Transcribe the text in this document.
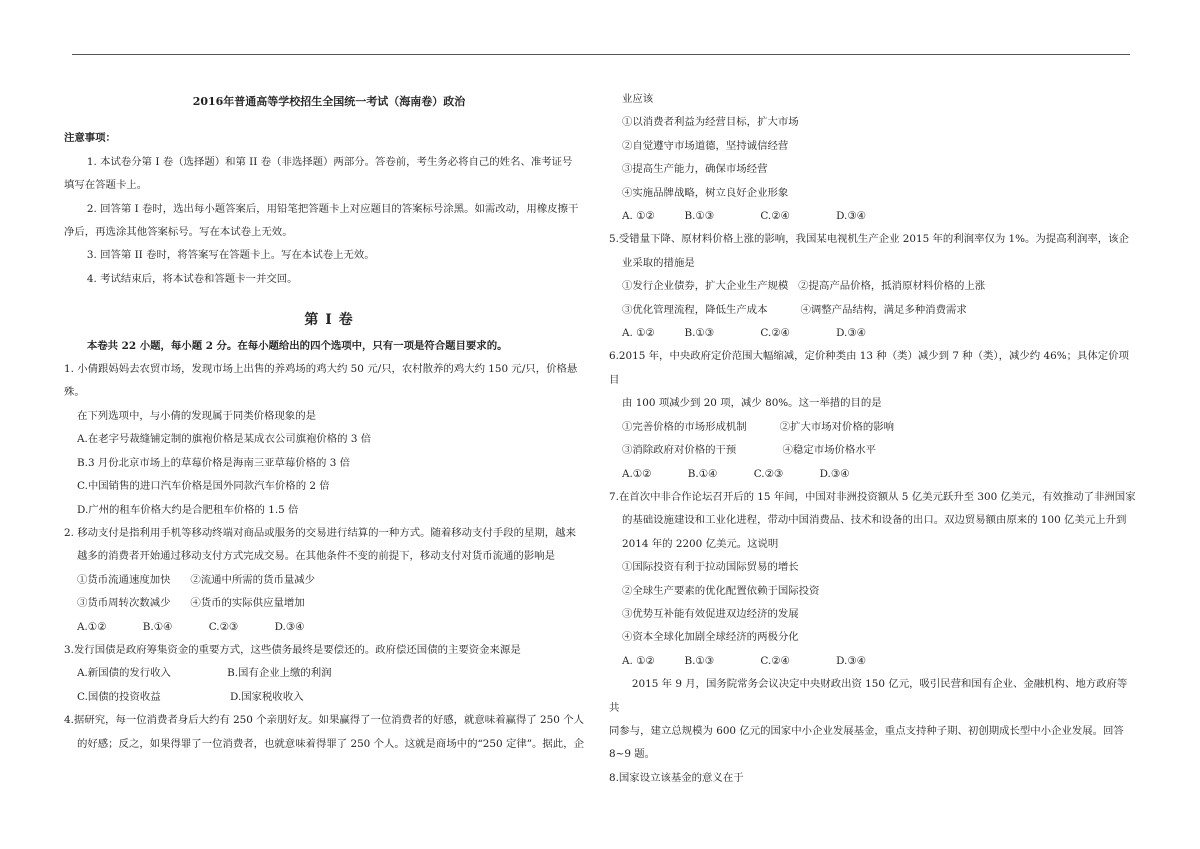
2016年普通高等学校招生全国统一考试（海南卷）政治
注意事项：
1. 本试卷分第 I 卷（选择题）和第 II 卷（非选择题）两部分。答卷前，考生务必将自己的姓名、准考证号
填写在答题卡上。
2. 回答第 I 卷时，选出每小题答案后，用铅笔把答题卡上对应题目的答案标号涂黑。如需改动，用橡皮擦干
净后，再选涂其他答案标号。写在本试卷上无效。
3. 回答第 II 卷时，将答案写在答题卡上。写在本试卷上无效。
4. 考试结束后，将本试卷和答题卡一并交回。
第 I 卷
本卷共 22 小题，每小题 2 分。在每小题给出的四个选项中，只有一项是符合题目要求的。
1. 小倩跟妈妈去农贸市场，发现市场上出售的养鸡场的鸡大约 50 元/只，农村散养的鸡大约 150 元/只，价格悬殊。
在下列选项中，与小倩的发现属于同类价格现象的是
A.在老字号裁缝铺定制的旗袍价格是某成衣公司旗袍价格的 3 倍
B.3 月份北京市场上的草莓价格是海南三亚草莓价格的 3 倍
C.中国销售的进口汽车价格是国外同款汽车价格的 2 倍
D.广州的租车价格大约是合肥租车价格的 1.5 倍
2. 移动支付是指利用手机等移动终端对商品或服务的交易进行结算的一种方式。随着移动支付手段的星期，越来
越多的消费者开始通过移动支付方式完成交易。在其他条件不变的前提下，移动支付对货币流通的影响是
①货币流通速度加快 ②流通中所需的货币量减少
③货币周转次数减少 ④货币的实际供应量增加
A.①②	B.①④	C.②③	D.③④
3.发行国债是政府筹集资金的重要方式，这些债务最终是要偿还的。政府偿还国债的主要资金来源是
A.新国债的发行收入	B.国有企业上缴的利润
C.国债的投资收益	D.国家税收收入
4.据研究，每一位消费者身后大约有 250 个亲朋好友。如果赢得了一位消费者的好感，就意味着赢得了 250 个人
的好感；反之，如果得罪了一位消费者，也就意味着得罪了 250 个人。这就是商场中的“250 定律”。据此，企
业应该
①以消费者利益为经营目标，扩大市场
②自觉遵守市场道德，坚持诚信经营
③提高生产能力，确保市场经营
④实施品牌战略，树立良好企业形象
A. ①②	B.①③	C.②④	D.③④
5.受错量下降、原材料价格上涨的影响，我国某电视机生产企业 2015 年的利润率仅为 1%。为提高利润率，该企
业采取的措施是
①发行企业债券，扩大企业生产规模 ②提高产品价格，抵消原材料价格的上涨
③优化管理流程，降低生产成本	④调整产品结构，满足多种消费需求
A. ①②	B.①③	C.②④	D.③④
6.2015 年，中央政府定价范围大幅缩减，定价种类由 13 种（类）减少到 7 种（类），减少约 46%；具体定价项目
由 100 项减少到 20 项，减少 80%。这一举措的目的是
①完善价格的市场形成机制	②扩大市场对价格的影响
③消除政府对价格的干预	④稳定市场价格水平
A.①②	B.①④	C.②③	D.③④
7.在首次中非合作论坛召开后的 15 年间，中国对非洲投资额从 5 亿美元跃升至 300 亿美元，有效推动了非洲国家
的基础设施建设和工业化进程，带动中国消费品、技术和设备的出口。双边贸易额由原来的 100 亿美元上升到
2014 年的 2200 亿美元。这说明
①国际投资有利于拉动国际贸易的增长
②全球生产要素的优化配置依赖于国际投资
③优势互补能有效促进双边经济的发展
④资本全球化加剧全球经济的两极分化
A. ①②	B.①③	C.②④	D.③④
2015 年 9 月，国务院常务会议决定中央财政出资 150 亿元，吸引民营和国有企业、金融机构、地方政府等共
同参与，建立总规模为 600 亿元的国家中小企业发展基金，重点支持种子期、初创期成长型中小企业发展。回答
8~9 题。
8.国家设立该基金的意义在于
